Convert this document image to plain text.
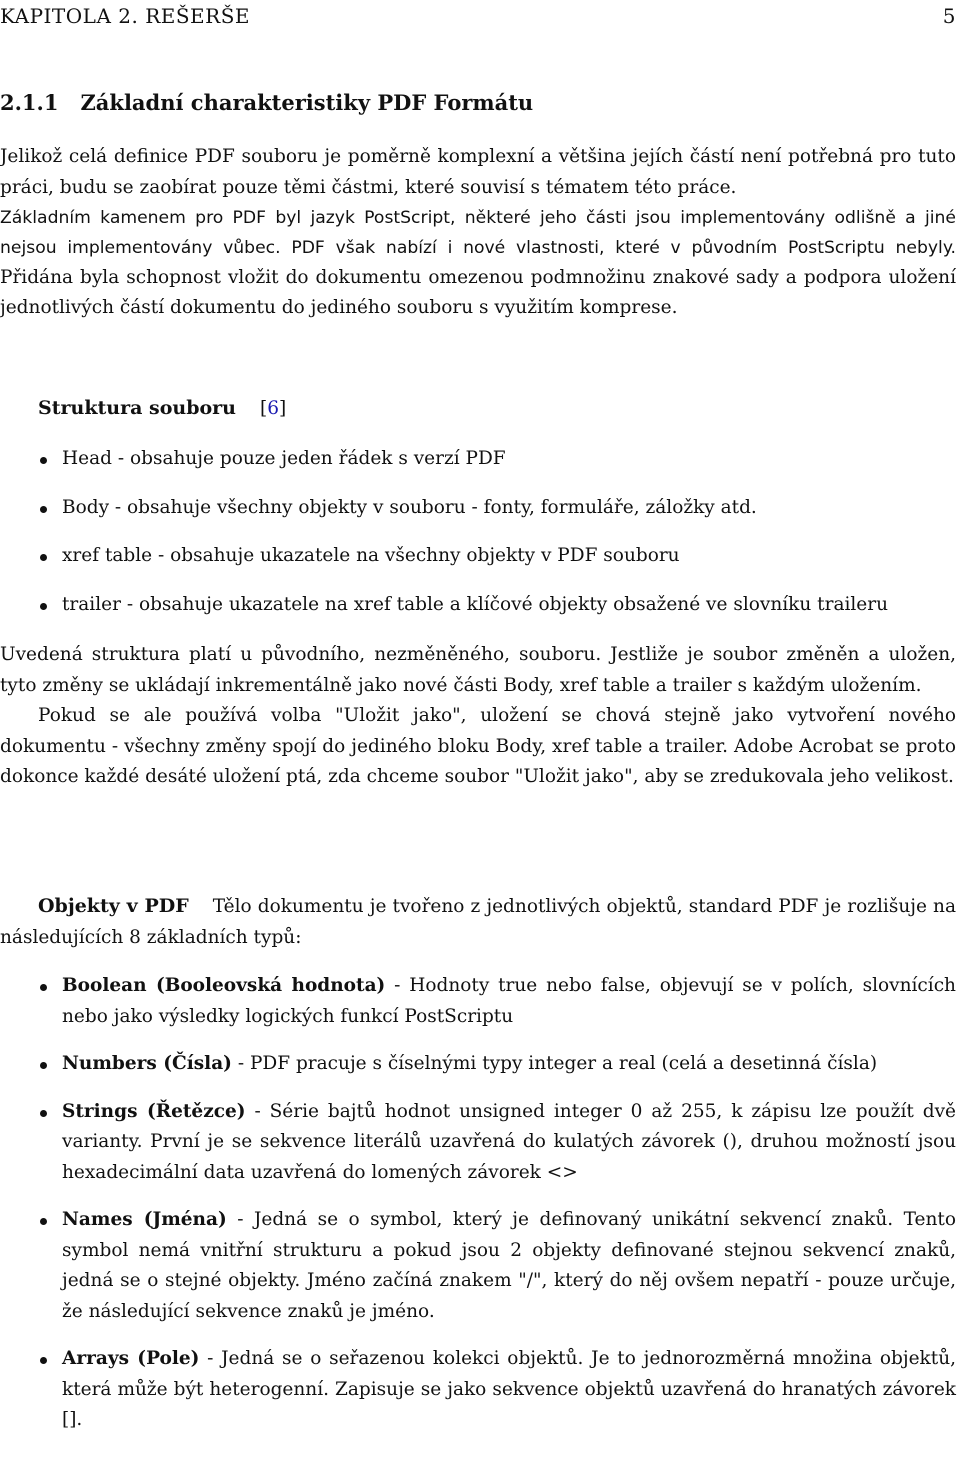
KAPITOLA 2. REŠERŠE	5
2.1.1 Základní charakteristiky PDF Formátu

Jelikož celá definice PDF souboru je poměrně komplexní a většina jejích částí není potřebná pro tuto práci, budu se zaobírat pouze těmi částmi, které souvisí s tématem této práce.

Základním kamenem pro PDF byl jazyk PostScript, některé jeho části jsou implementovány odlišně a jiné nejsou implementovány vůbec. PDF však nabízí i nové vlastnosti, které v původním PostScriptu nebyly. Přidána byla schopnost vložit do dokumentu omezenou podmnožinu znakové sady a podpora uložení jednotlivých částí dokumentu do jediného souboru s využitím komprese.

Struktura souboru [6]

Head - obsahuje pouze jeden řádek s verzí PDF
Body - obsahuje všechny objekty v souboru - fonty, formuláře, záložky atd.
xref table - obsahuje ukazatele na všechny objekty v PDF souboru
trailer - obsahuje ukazatele na xref table a klíčové objekty obsažené ve slovníku traileru

Uvedená struktura platí u původního, nezměněného, souboru. Jestliže je soubor změněn a uložen, tyto změny se ukládají inkrementálně jako nové části Body, xref table a trailer s každým uložením.

Pokud se ale používá volba "Uložit jako", uložení se chová stejně jako vytvoření nového dokumentu - všechny změny spojí do jediného bloku Body, xref table a trailer. Adobe Acrobat se proto dokonce každé desáté uložení ptá, zda chceme soubor "Uložit jako", aby se zredukovala jeho velikost.

Objekty v PDF Tělo dokumentu je tvořeno z jednotlivých objektů, standard PDF je rozlišuje na následujících 8 základních typů:

Boolean (Booleovská hodnota) - Hodnoty true nebo false, objevují se v polích, slovnících nebo jako výsledky logických funkcí PostScriptu
Numbers (Čísla) - PDF pracuje s číselnými typy integer a real (celá a desetinná čísla)
Strings (Řetězce) - Série bajtů hodnot unsigned integer 0 až 255, k zápisu lze použít dvě varianty. První je se sekvence literálů uzavřená do kulatých závorek (), druhou možností jsou hexadecimální data uzavřená do lomených závorek <>
Names (Jména) - Jedná se o symbol, který je definovaný unikátní sekvencí znaků. Tento symbol nemá vnitřní strukturu a pokud jsou 2 objekty definované stejnou sekvencí znaků, jedná se o stejné objekty. Jméno začíná znakem "/", který do něj ovšem nepatří - pouze určuje, že následující sekvence znaků je jméno.
Arrays (Pole) - Jedná se o seřazenou kolekci objektů. Je to jednorozměrná množina objektů, která může být heterogenní. Zapisuje se jako sekvence objektů uzavřená do hranatých závorek [].
